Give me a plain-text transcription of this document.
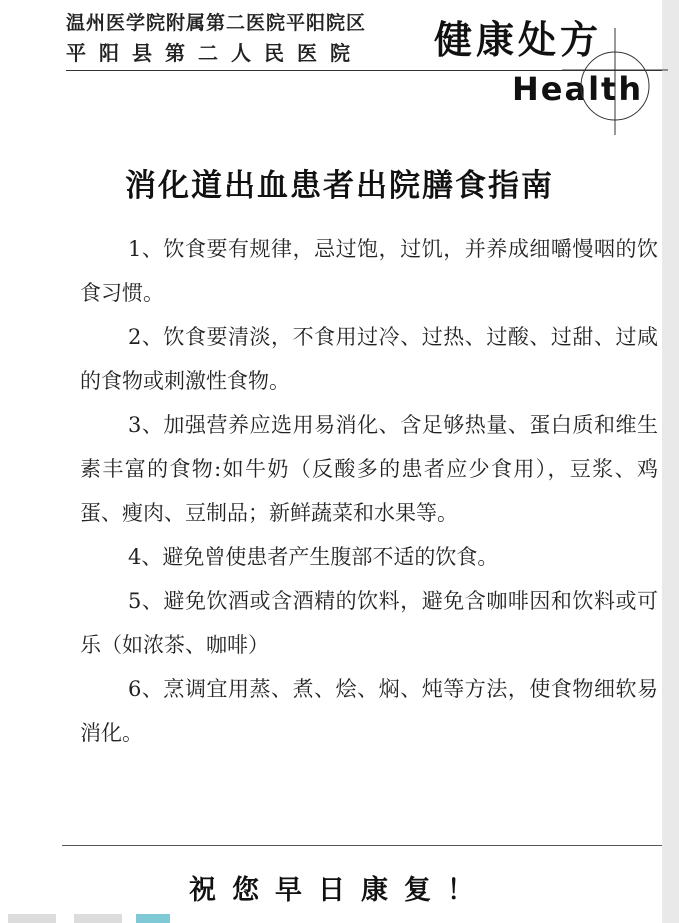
温州医学院附属第二医院平阳院区
平阳县第二人民医院 健康处方
Health
消化道出血患者出院膳食指南

1、饮食要有规律，忌过饱，过饥，并养成细嚼慢咽的饮食习惯。

2、饮食要清淡，不食用过冷、过热、过酸、过甜、过咸的食物或刺激性食物。

3、加强营养应选用易消化、含足够热量、蛋白质和维生素丰富的食物:如牛奶（反酸多的患者应少食用），豆浆、鸡蛋、瘦肉、豆制品；新鲜蔬菜和水果等。

4、避免曾使患者产生腹部不适的饮食。

5、避免饮酒或含酒精的饮料，避免含咖啡因和饮料或可乐（如浓茶、咖啡）

6、烹调宜用蒸、煮、烩、焖、炖等方法，使食物细软易消化。

祝您早日康复！
